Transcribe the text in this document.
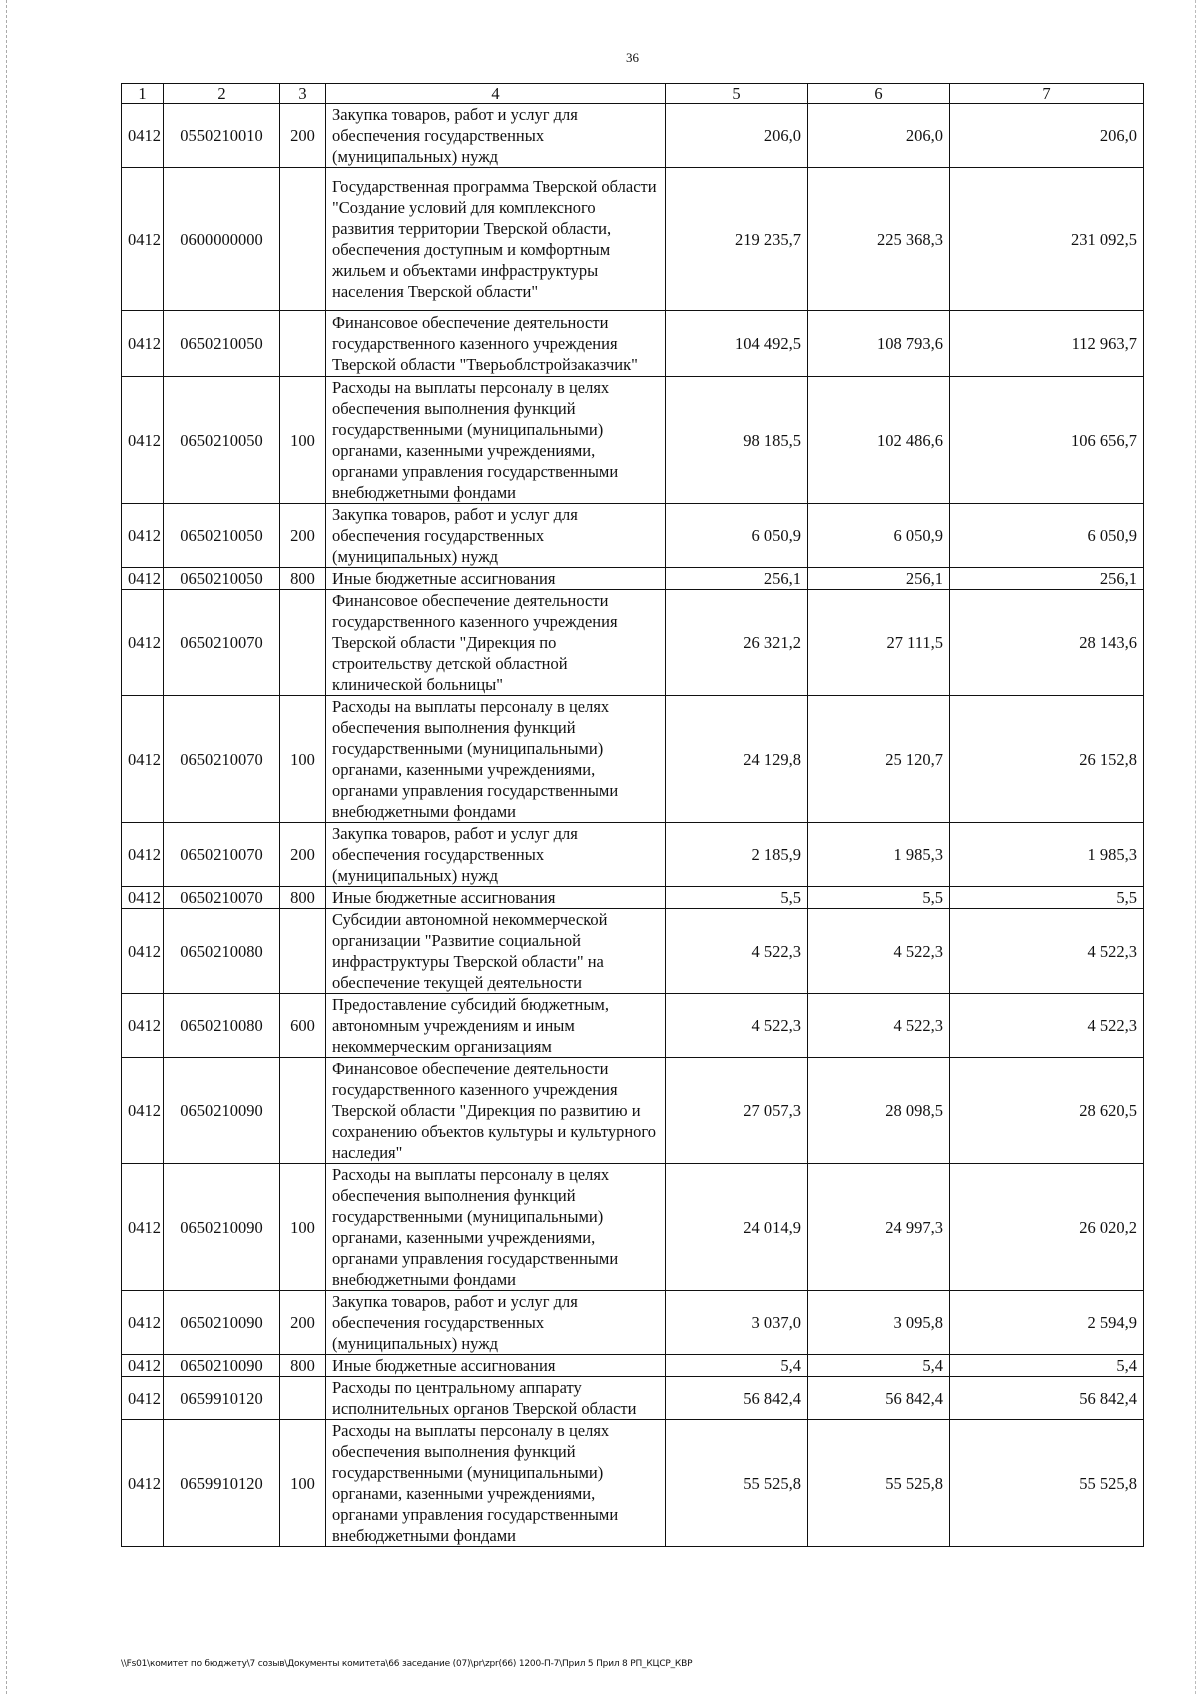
36
1	2	3	4	5	6	7
0412	0550210010	200	Закупка товаров, работ и услуг для обеспечения государственных (муниципальных) нужд	206,0	206,0	206,0
0412	0600000000		Государственная программа Тверской области "Создание условий для комплексного развития территории Тверской области, обеспечения доступным и комфортным жильем и объектами инфраструктуры населения Тверской области"	219 235,7	225 368,3	231 092,5
0412	0650210050		Финансовое обеспечение деятельности государственного казенного учреждения Тверской области "Тверьоблстройзаказчик"	104 492,5	108 793,6	112 963,7
0412	0650210050	100	Расходы на выплаты персоналу в целях обеспечения выполнения функций государственными (муниципальными) органами, казенными учреждениями, органами управления государственными внебюджетными фондами	98 185,5	102 486,6	106 656,7
0412	0650210050	200	Закупка товаров, работ и услуг для обеспечения государственных (муниципальных) нужд	6 050,9	6 050,9	6 050,9
0412	0650210050	800	Иные бюджетные ассигнования	256,1	256,1	256,1
0412	0650210070		Финансовое обеспечение деятельности государственного казенного учреждения Тверской области "Дирекция по строительству детской областной клинической больницы"	26 321,2	27 111,5	28 143,6
0412	0650210070	100	Расходы на выплаты персоналу в целях обеспечения выполнения функций государственными (муниципальными) органами, казенными учреждениями, органами управления государственными внебюджетными фондами	24 129,8	25 120,7	26 152,8
0412	0650210070	200	Закупка товаров, работ и услуг для обеспечения государственных (муниципальных) нужд	2 185,9	1 985,3	1 985,3
0412	0650210070	800	Иные бюджетные ассигнования	5,5	5,5	5,5
0412	0650210080		Субсидии автономной некоммерческой организации "Развитие социальной инфраструктуры Тверской области" на обеспечение текущей деятельности	4 522,3	4 522,3	4 522,3
0412	0650210080	600	Предоставление субсидий бюджетным, автономным учреждениям и иным некоммерческим организациям	4 522,3	4 522,3	4 522,3
0412	0650210090		Финансовое обеспечение деятельности государственного казенного учреждения Тверской области "Дирекция по развитию и сохранению объектов культуры и культурного наследия"	27 057,3	28 098,5	28 620,5
0412	0650210090	100	Расходы на выплаты персоналу в целях обеспечения выполнения функций государственными (муниципальными) органами, казенными учреждениями, органами управления государственными внебюджетными фондами	24 014,9	24 997,3	26 020,2
0412	0650210090	200	Закупка товаров, работ и услуг для обеспечения государственных (муниципальных) нужд	3 037,0	3 095,8	2 594,9
0412	0650210090	800	Иные бюджетные ассигнования	5,4	5,4	5,4
0412	0659910120		Расходы по центральному аппарату исполнительных органов Тверской области	56 842,4	56 842,4	56 842,4
0412	0659910120	100	Расходы на выплаты персоналу в целях обеспечения выполнения функций государственными (муниципальными) органами, казенными учреждениями, органами управления государственными внебюджетными фондами	55 525,8	55 525,8	55 525,8
\\Fs01\комитет по бюджету\7 созыв\Документы комитета\66 заседание (07)\pr\zpr(66) 1200-П-7\Прил 5 Прил 8 РП_КЦСР_КВР
